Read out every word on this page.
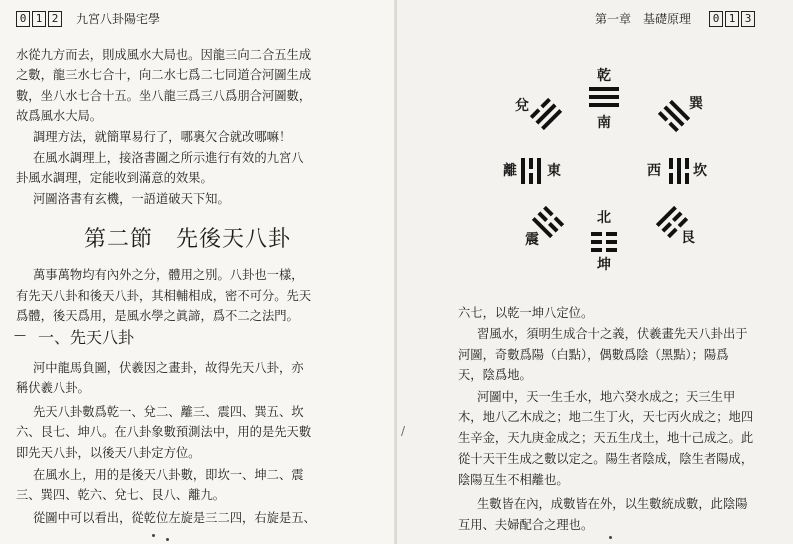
0 1 2	九宮八卦陽宅學
水從九方而去，則成風水大局也。因龍三向二合五生成
之數，龍三水七合十，向二水七爲二七同道合河圖生成
數，坐八水七合十五。坐八龍三爲三八爲朋合河圖數，
故爲風水大局。
調理方法，就簡單易行了，哪裏欠合就改哪嘛！
在風水調理上，接洛書圖之所示進行有效的九宮八
卦風水調理，定能收到滿意的效果。
河圖洛書有玄機，一語道破天下知。
第二節　先後天八卦
萬事萬物均有內外之分，體用之別。八卦也一樣，
有先天八卦和後天八卦，其相輔相成，密不可分。先天
爲體，後天爲用，是風水學之眞諦，爲不二之法門。
— 一、先天八卦
河中龍馬負圖，伏羲因之畫卦，故得先天八卦，亦
稱伏羲八卦。
先天八卦數爲乾一、兌二、離三、震四、巽五、坎
六、艮七、坤八。在八卦象數預測法中，用的是先天數
即先天八卦，以後天八卦定方位。
在風水上，用的是後天八卦數，即坎一、坤二、震
三、巽四、乾六、兌七、艮八、離九。
從圖中可以看出，從乾位左旋是三二四，右旋是五、
第一章　基礎原理	0 1 3
乾
南
兌	巽
離 東	西 坎
震	艮
北
坤
六七，以乾一坤八定位。
習風水，須明生成合十之義，伏羲畫先天八卦出于
河圖，奇數爲陽（白點），偶數爲陰（黑點）；陽爲
天，陰爲地。
河圖中，天一生壬水，地六癸水成之；天三生甲
木，地八乙木成之；地二生丁火，天七丙火成之；地四
生辛金，天九庚金成之；天五生戊土，地十己成之。此
從十天干生成之數以定之。陽生者陰成，陰生者陽成，
陰陽互生不相離也。
生數皆在內，成數皆在外，以生數統成數，此陰陽
互用、夫婦配合之理也。
/
